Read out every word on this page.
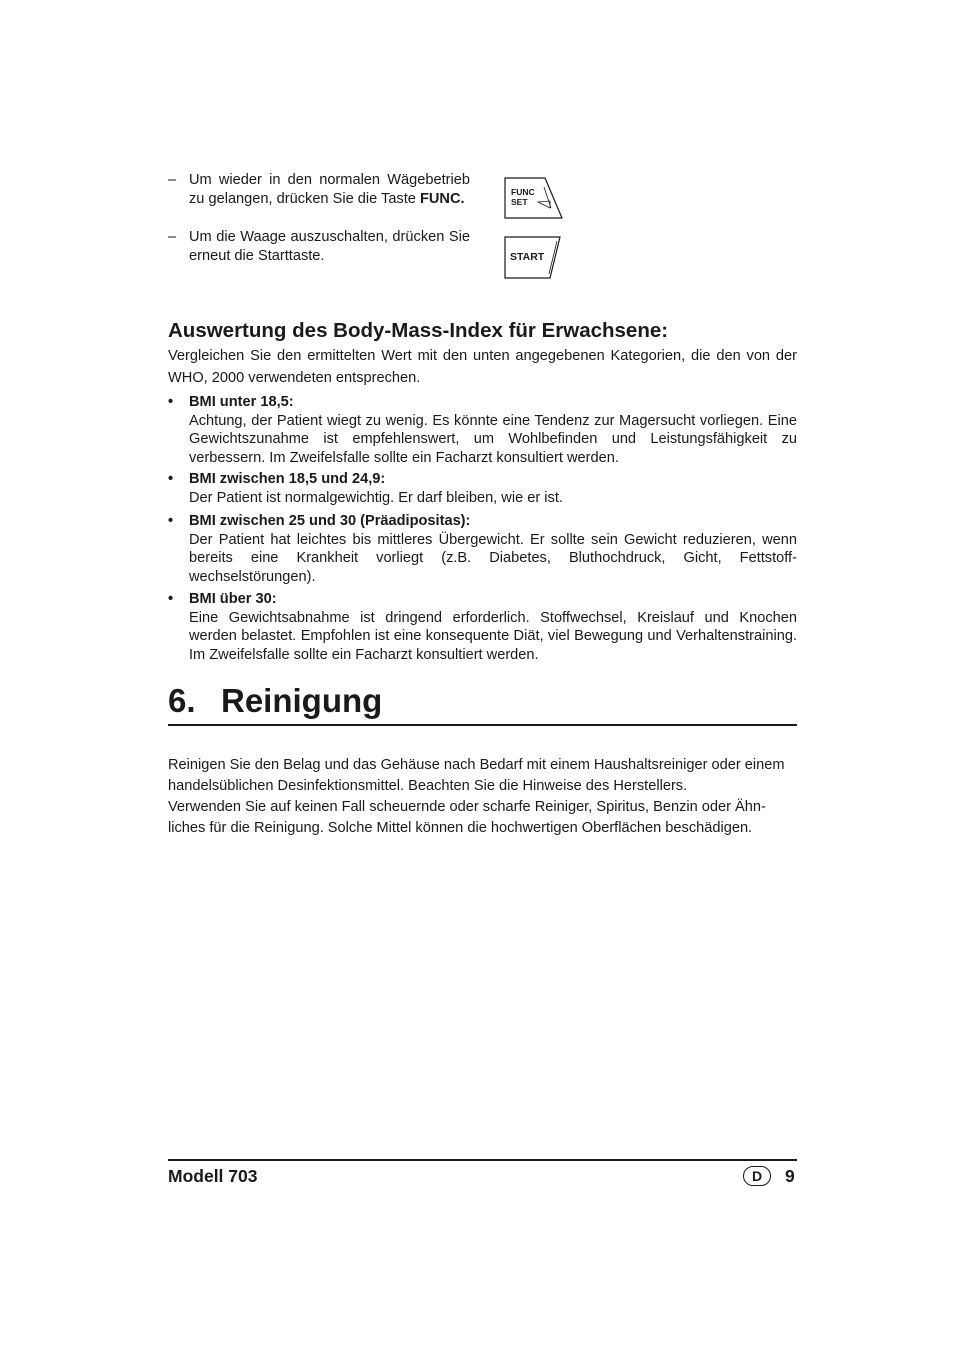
– Um wieder in den normalen Wägebetrieb zu gelangen, drücken Sie die Taste FUNC.
– Um die Waage auszuschalten, drücken Sie erneut die Starttaste.
FUNC
SET
START
Auswertung des Body-Mass-Index für Erwachsene:
Vergleichen Sie den ermittelten Wert mit den unten angegebenen Kategorien, die den von der WHO, 2000 verwendeten entsprechen.
• BMI unter 18,5:
Achtung, der Patient wiegt zu wenig. Es könnte eine Tendenz zur Magersucht vorliegen. Eine Gewichtszunahme ist empfehlenswert, um Wohlbefinden und Leistungsfähigkeit zu verbessern. Im Zweifelsfalle sollte ein Facharzt konsultiert werden.
• BMI zwischen 18,5 und 24,9:
Der Patient ist normalgewichtig. Er darf bleiben, wie er ist.
• BMI zwischen 25 und 30 (Präadipositas):
Der Patient hat leichtes bis mittleres Übergewicht. Er sollte sein Gewicht reduzieren, wenn bereits eine Krankheit vorliegt (z.B. Diabetes, Bluthochdruck, Gicht, Fettstoffwechselstörungen).
• BMI über 30:
Eine Gewichtsabnahme ist dringend erforderlich. Stoffwechsel, Kreislauf und Knochen werden belastet. Empfohlen ist eine konsequente Diät, viel Bewegung und Verhaltenstraining. Im Zweifelsfalle sollte ein Facharzt konsultiert werden.
6. Reinigung
Reinigen Sie den Belag und das Gehäuse nach Bedarf mit einem Haushaltsreiniger oder einem handelsüblichen Desinfektionsmittel. Beachten Sie die Hinweise des Herstellers.
Verwenden Sie auf keinen Fall scheuernde oder scharfe Reiniger, Spiritus, Benzin oder Ähnliches für die Reinigung. Solche Mittel können die hochwertigen Oberflächen beschädigen.
Modell 703	D	9
